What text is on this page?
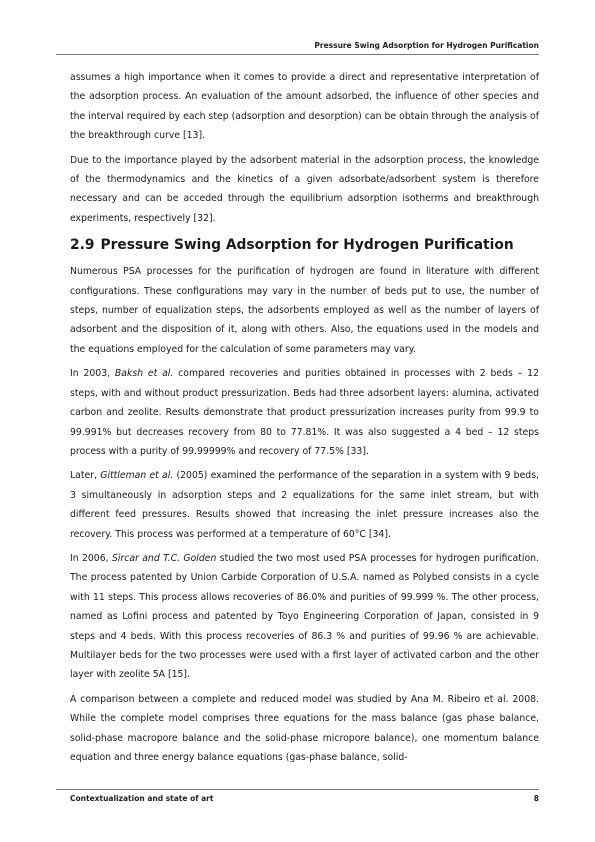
Pressure Swing Adsorption for Hydrogen Purification

assumes a high importance when it comes to provide a direct and representative interpretation of the adsorption process. An evaluation of the amount adsorbed, the influence of other species and the interval required by each step (adsorption and desorption) can be obtain through the analysis of the breakthrough curve [13].

Due to the importance played by the adsorbent material in the adsorption process, the knowledge of the thermodynamics and the kinetics of a given adsorbate/adsorbent system is therefore necessary and can be acceded through the equilibrium adsorption isotherms and breakthrough experiments, respectively [32].

2.9 Pressure Swing Adsorption for Hydrogen Purification

Numerous PSA processes for the purification of hydrogen are found in literature with different configurations. These configurations may vary in the number of beds put to use, the number of steps, number of equalization steps, the adsorbents employed as well as the number of layers of adsorbent and the disposition of it, along with others. Also, the equations used in the models and the equations employed for the calculation of some parameters may vary.

In 2003, Baksh et al. compared recoveries and purities obtained in processes with 2 beds – 12 steps, with and without product pressurization. Beds had three adsorbent layers: alumina, activated carbon and zeolite. Results demonstrate that product pressurization increases purity from 99.9 to 99.991% but decreases recovery from 80 to 77.81%. It was also suggested a 4 bed – 12 steps process with a purity of 99.99999% and recovery of 77.5% [33].

Later, Gittleman et al. (2005) examined the performance of the separation in a system with 9 beds, 3 simultaneously in adsorption steps and 2 equalizations for the same inlet stream, but with different feed pressures. Results showed that increasing the inlet pressure increases also the recovery. This process was performed at a temperature of 60°C [34].

In 2006, Sircar and T.C. Golden studied the two most used PSA processes for hydrogen purification. The process patented by Union Carbide Corporation of U.S.A. named as Polybed consists in a cycle with 11 steps. This process allows recoveries of 86.0% and purities of 99.999 %. The other process, named as Lofini process and patented by Toyo Engineering Corporation of Japan, consisted in 9 steps and 4 beds. With this process recoveries of 86.3 % and purities of 99.96 % are achievable. Multilayer beds for the two processes were used with a first layer of activated carbon and the other layer with zeolite 5A [15].

A comparison between a complete and reduced model was studied by Ana M. Ribeiro et al. 2008. While the complete model comprises three equations for the mass balance (gas phase balance, solid-phase macropore balance and the solid-phase micropore balance), one momentum balance equation and three energy balance equations (gas-phase balance, solid-

Contextualization and state of art	8
